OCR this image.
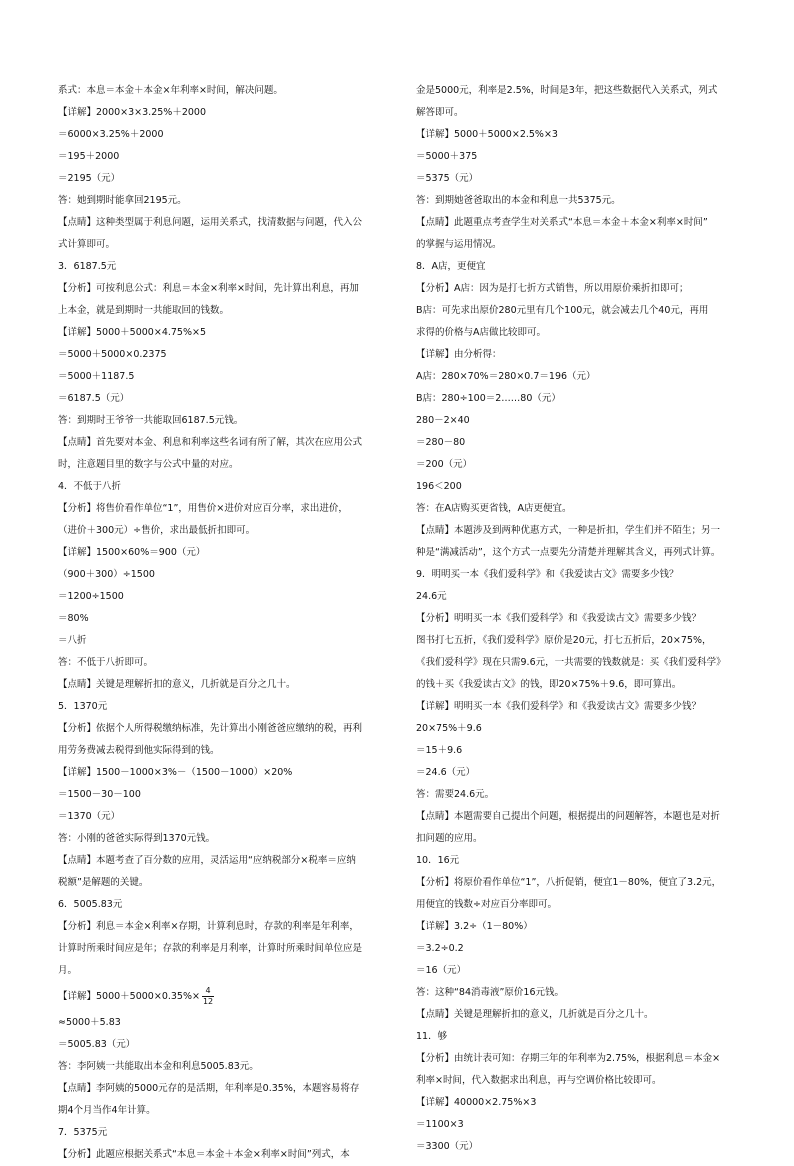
系式：本息＝本金＋本金×年利率×时间，解决问题。

【详解】2000×3×3.25%＋2000

＝6000×3.25%＋2000

＝195＋2000

＝2195（元）

答：她到期时能拿回2195元。

【点睛】这种类型属于利息问题，运用关系式，找清数据与问题，代入公

式计算即可。

3．6187.5元

【分析】可按利息公式：利息＝本金×利率×时间，先计算出利息，再加

上本金，就是到期时一共能取回的钱数。

【详解】5000＋5000×4.75%×5

＝5000＋5000×0.2375

＝5000＋1187.5

＝6187.5（元）

答：到期时王爷爷一共能取回6187.5元钱。

【点睛】首先要对本金、利息和利率这些名词有所了解，其次在应用公式

时，注意题目里的数字与公式中量的对应。

4．不低于八折

【分析】将售价看作单位“1”，用售价×进价对应百分率，求出进价，

（进价＋300元）÷售价，求出最低折扣即可。

【详解】1500×60%＝900（元）

（900＋300）÷1500

＝1200÷1500

＝80%

＝八折

答：不低于八折即可。

【点睛】关键是理解折扣的意义，几折就是百分之几十。

5．1370元

【分析】依据个人所得税缴纳标准，先计算出小刚爸爸应缴纳的税，再利

用劳务费减去税得到他实际得到的钱。

【详解】1500－1000×3%－（1500－1000）×20%

＝1500－30－100

＝1370（元）

答：小刚的爸爸实际得到1370元钱。

【点睛】本题考查了百分数的应用，灵活运用“应纳税部分×税率＝应纳

税额”是解题的关键。

6．5005.83元

【分析】利息＝本金×利率×存期，计算利息时，存款的利率是年利率，

计算时所乘时间应是年；存款的利率是月利率，计算时所乘时间单位应是

月。

【详解】$5000+5000\times 0.35\%\times \frac{4}{12}$

≈5000＋5.83

＝5005.83（元）

答：李阿姨一共能取出本金和利息5005.83元。

【点睛】李阿姨的5000元存的是活期，年利率是0.35%，本题容易将存

期4个月当作4年计算。

7．5375元

【分析】此题应根据关系式“本息＝本金＋本金×利率×时间”列式，本

金是5000元，利率是2.5%，时间是3年，把这些数据代入关系式，列式

解答即可。

【详解】5000＋5000×2.5%×3

＝5000＋375

＝5375（元）

答：到期她爸爸取出的本金和利息一共5375元。

【点睛】此题重点考查学生对关系式“本息＝本金＋本金×利率×时间”

的掌握与运用情况。

8．A店，更便宜

【分析】A店：因为是打七折方式销售，所以用原价乘折扣即可；

B店：可先求出原价280元里有几个100元，就会减去几个40元，再用

求得的价格与A店做比较即可。

【详解】由分析得：

A店：280×70%＝280×0.7＝196（元）

B店：280÷100＝2……80（元）

280－2×40

＝280－80

＝200（元）

196＜200

答：在A店购买更省钱，A店更便宜。

【点睛】本题涉及到两种优惠方式，一种是折扣，学生们并不陌生；另一

种是“满减活动”，这个方式一点要先分清楚并理解其含义，再列式计算。

9．明明买一本《我们爱科学》和《我爱读古文》需要多少钱？

24.6元

【分析】明明买一本《我们爱科学》和《我爱读古文》需要多少钱？

图书打七五折，《我们爱科学》原价是20元，打七五折后，20×75%，

《我们爱科学》现在只需9.6元，一共需要的钱数就是：买《我们爱科学》

的钱＋买《我爱读古文》的钱，即20×75%＋9.6，即可算出。

【详解】明明买一本《我们爱科学》和《我爱读古文》需要多少钱？

20×75%＋9.6

＝15＋9.6

＝24.6（元）

答：需要24.6元。

【点睛】本题需要自己提出个问题，根据提出的问题解答，本题也是对折

扣问题的应用。

10．16元

【分析】将原价看作单位“1”，八折促销，便宜1－80%，便宜了3.2元，

用便宜的钱数÷对应百分率即可。

【详解】3.2÷（1－80%）

＝3.2÷0.2

＝16（元）

答：这种“84消毒液”原价16元钱。

【点睛】关键是理解折扣的意义，几折就是百分之几十。

11．够

【分析】由统计表可知：存期三年的年利率为2.75%，根据利息＝本金×

利率×时间，代入数据求出利息，再与空调价格比较即可。

【详解】40000×2.75%×3

＝1100×3

＝3300（元）
